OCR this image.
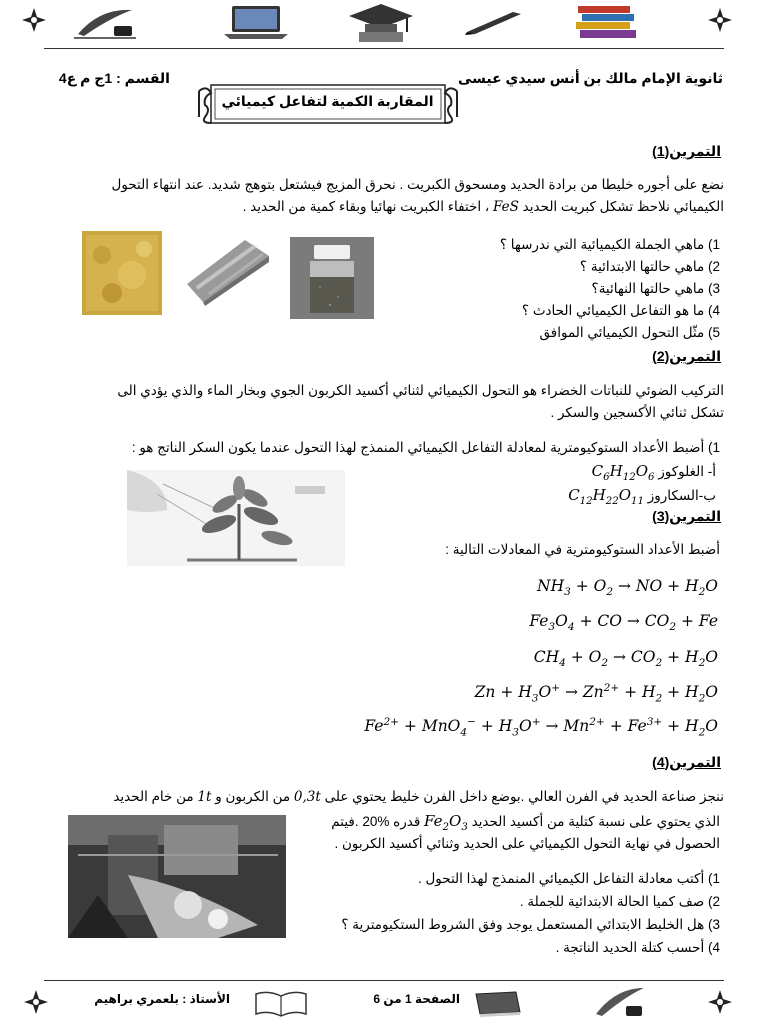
ثانوية الإمام مالك بن أنس سيدي عيسى
القسم : 1ج م ع4
المقاربة الكمية لتفاعل كيميائي
التمرين(1)
نضع على أجوره خليطا من برادة الحديد ومسحوق الكبريت . نحرق المزيج فيشتعل بتوهج شديد. عند انتهاء التحول
الكيميائي نلاحظ تشكل كبريت الحديد FeS ، اختفاء الكبريت نهائيا وبقاء كمية من الحديد .
1) ماهي الجملة الكيميائية التي ندرسها ؟
2) ماهي حالتها الابتدائية ؟
3) ماهي حالتها النهائية؟
4) ما هو التفاعل الكيميائي الحادث ؟
5) مثّل التحول الكيميائي الموافق
التمرين(2)
التركيب الضوئي للنباتات الخضراء هو التحول الكيميائي لثنائي أكسيد الكربون الجوي وبخار الماء والذي يؤدي الى
تشكل ثنائي الأكسجين والسكر .
1) أضبط الأعداد الستوكيومترية لمعادلة التفاعل الكيميائي المنمذج لهذا التحول عندما يكون السكر الناتج هو :
أ- الغلوكوز $C_6H_{12}O_6$
ب-السكاروز $C_{12}H_{22}O_{11}$
التمرين(3)
أضبط الأعداد الستوكيومترية في المعادلات التالية :
$NH_3 + O_2$ → NO + $H_2O$
$Fe_3O_4$ + CO → $CO_2 + Fe$
$CH_4 + O_2 \to CO_2 + H_2O$
$Zn + H_3O^+ \to Zn^{2+} + H_2 + H_2O$
$Fe^{2+} + MnO_4^- + H_3O^+ \to Mn^{2+} + Fe^{3+} + H_2O$
التمرين(4)
ننجز صناعة الحديد في الفرن العالي .بوضع داخل الفرن خليط يحتوي على 0,3t من الكربون و 1t من خام الحديد
الذي يحتوي على نسبة كتلية من أكسيد الحديد $Fe_2O_3$ قدره %20 .فيتم
الحصول في نهاية التحول الكيميائي على الحديد وثنائي أكسيد الكربون .
1) أكتب معادلة التفاعل الكيميائي المنمذج لهذا التحول .
2) صف كميا الحالة الابتدائية للجملة .
3) هل الخليط الابتدائي المستعمل يوجد وفق الشروط الستكيومترية ؟
4) أحسب كتلة الحديد الناتجة .
الأستاذ : بلعمري براهيم	الصفحة 1 من 6
